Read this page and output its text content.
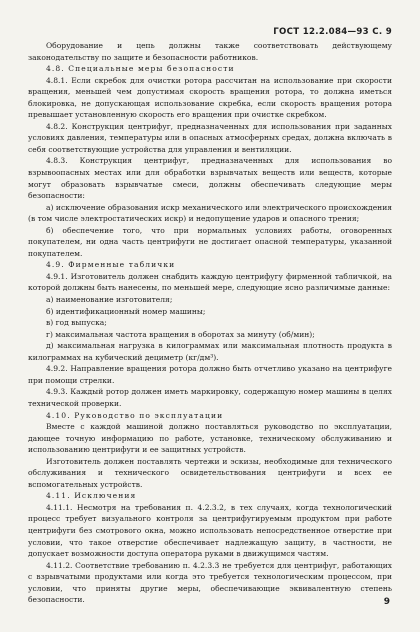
ГОСТ 12.2.084—93 С. 9

Оборудование и цепь должны также соответствовать действующему законодательству по защите и безопасности работников.

4.8. Специальные меры безопасности

4.8.1. Если скребок для очистки ротора рассчитан на использование при скорости вращения, меньшей чем допустимая скорость вращения ротора, то должна иметься блокировка, не допускающая использование скребка, если скорость вращения ротора превышает установленную скорость его вращения при очистке скребком.

4.8.2. Конструкция центрифуг, предназначенных для использования при заданных условиях давления, температуры или в опасных атмосферных средах, должна включать в себя соответствующие устройства для управления и вентиляции.

4.8.3. Конструкция центрифуг, предназначенных для использования во взрывоопасных местах или для обработки взрывчатых веществ или веществ, которые могут образовать взрывчатые смеси, должны обеспечивать следующие меры безопасности:

а) исключение образования искр механического или электрического происхождения (в том числе электростатических искр) и недопущение ударов и опасного трения;

б) обеспечение того, что при нормальных условиях работы, оговоренных покупателем, ни одна часть центрифуги не достигает опасной температуры, указанной покупателем.

4.9. Фирменные таблички

4.9.1. Изготовитель должен снабдить каждую центрифугу фирменной табличкой, на которой должны быть нанесены, по меньшей мере, следующие ясно различимые данные:

а) наименование изготовителя;

б) идентификационный номер машины;

в) год выпуска;

г) максимальная частота вращения в оборотах за минуту (об/мин);

д) максимальная нагрузка в килограммах или максимальная плотность продукта в килограммах на кубический дециметр (кг/дм³).

4.9.2. Направление вращения ротора должно быть отчетливо указано на центрифуге при помощи стрелки.

4.9.3. Каждый ротор должен иметь маркировку, содержащую номер машины в целях технической проверки.

4.10. Руководство по эксплуатации

Вместе с каждой машиной должно поставляться руководство по эксплуатации, дающее точную информацию по работе, установке, техническому обслуживанию и использованию центрифуги и ее защитных устройств.

Изготовитель должен поставлять чертежи и эскизы, необходимые для технического обслуживания и технического освидетельствования центрифуги и всех ее вспомогательных устройств.

4.11. Исключения

4.11.1. Несмотря на требования п. 4.2.3.2, в тех случаях, когда технологический процесс требует визуального контроля за центрифугируемым продуктом при работе центрифуги без смотрового окна, можно использовать непосредственное отверстие при условии, что такое отверстие обеспечивает надлежащую защиту, в частности, не допускает возможности доступа оператора руками в движущимся частям.

4.11.2. Соответствие требованию п. 4.2.3.3 не требуется для центрифуг, работающих с взрывчатыми продуктами или когда это требуется технологическим процессом, при условии, что приняты другие меры, обеспечивающие эквивалентную степень безопасности.	9
